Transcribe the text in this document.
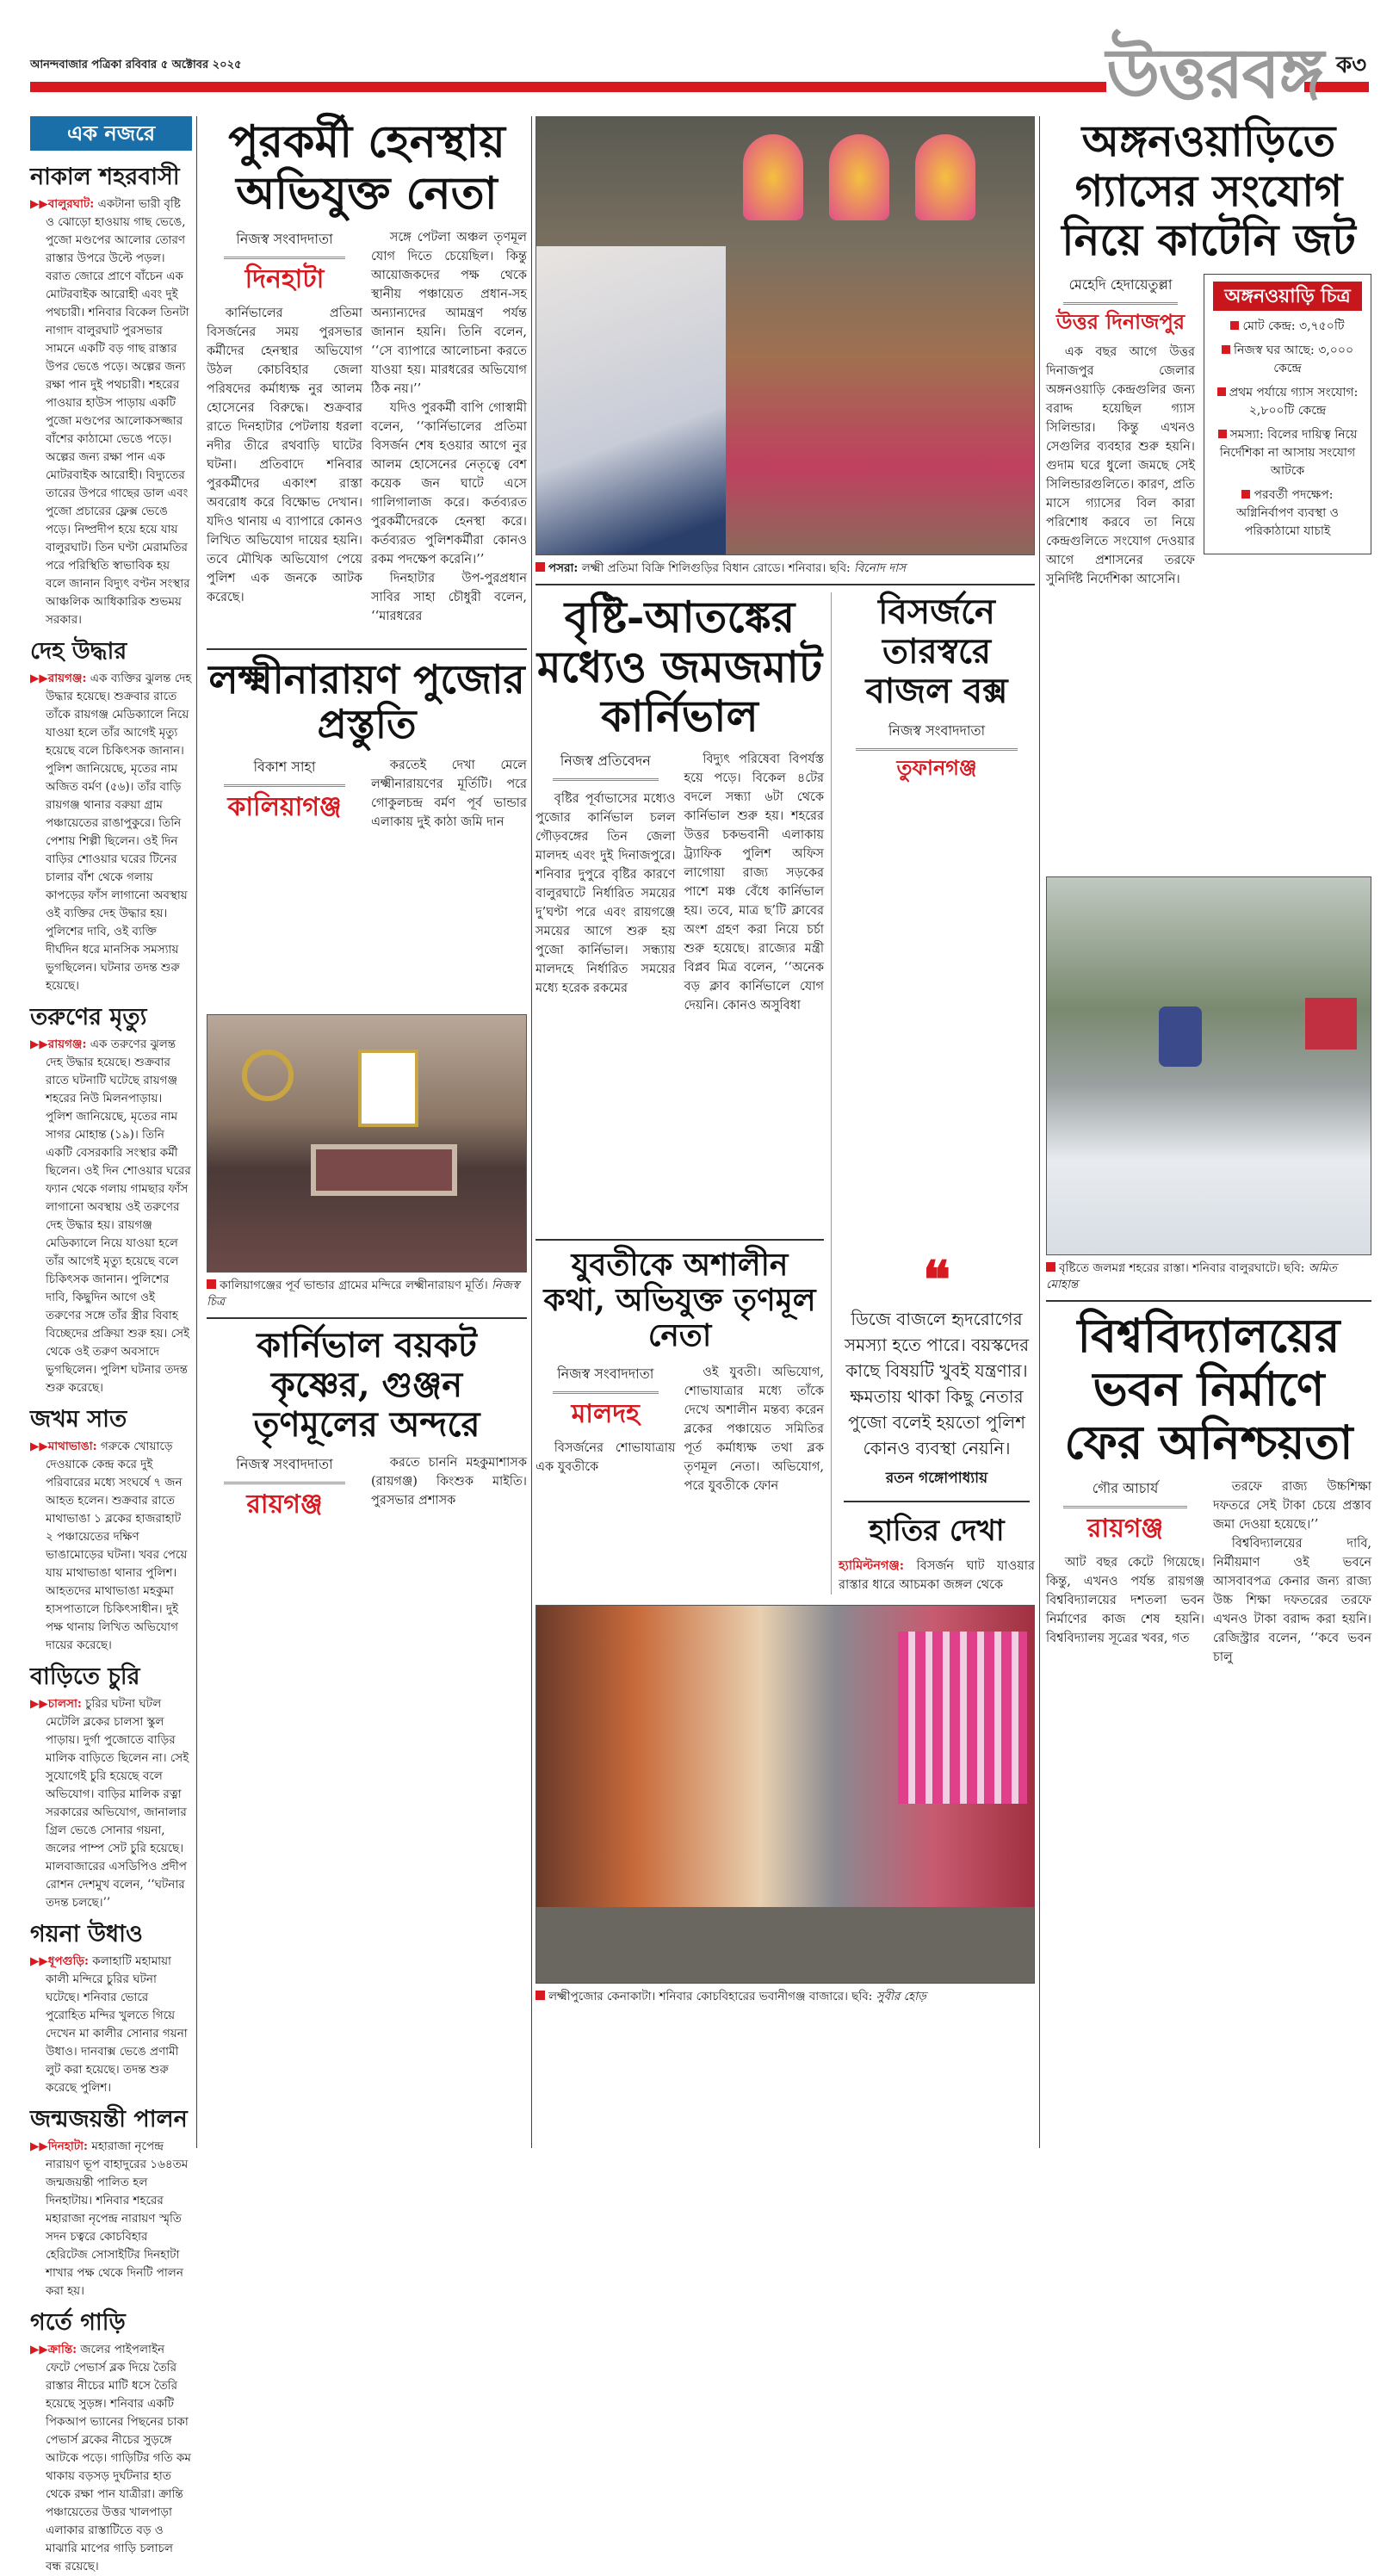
আনন্দবাজার পত্রিকা রবিবার ৫ অক্টোবর ২০২৫	উত্তরবঙ্গ ক৩
এক নজরে
নাকাল শহরবাসী
▶▶বালুরঘাট: একটানা ভারী বৃষ্টি ও ঝোড়ো হাওয়ায় গাছ ভেঙে, পুজো মণ্ডপের আলোর তোরণ রাস্তার উপরে উল্টে পড়ল। বরাত জোরে প্রাণে বাঁচেন এক মোটরবাইক আরোহী এবং দুই পথচারী। শনিবার বিকেল তিনটা নাগাদ বালুরঘাট পুরসভার সামনে একটি বড় গাছ রাস্তার উপর ভেঙে পড়ে। অল্পের জন্য রক্ষা পান দুই পথচারী। শহরের পাওয়ার হাউস পাড়ায় একটি পুজো মণ্ডপের আলোকসজ্জার বাঁশের কাঠামো ভেঙে পড়ে। অল্পের জন্য রক্ষা পান এক মোটরবাইক আরোহী। বিদ্যুতের তারের উপরে গাছের ডাল এবং পুজো প্রচারের ফ্লেক্স ভেঙে পড়ে। নিষ্প্রদীপ হয়ে হয়ে যায় বালুরঘাট। তিন ঘণ্টা মেরামতির পরে পরিস্থিতি স্বাভাবিক হয় বলে জানান বিদ্যুৎ বণ্টন সংস্থার আঞ্চলিক আধিকারিক শুভময় সরকার।
দেহ উদ্ধার
▶▶রায়গঞ্জ: এক ব্যক্তির ঝুলন্ত দেহ উদ্ধার হয়েছে। শুক্রবার রাতে তাঁকে রায়গঞ্জ মেডিক্যালে নিয়ে যাওয়া হলে তাঁর আগেই মৃত্যু হয়েছে বলে চিকিৎসক জানান। পুলিশ জানিয়েছে, মৃতের নাম অজিত বর্মণ (৫৬)। তাঁর বাড়ি রায়গঞ্জ থানার বরুয়া গ্রাম পঞ্চায়েতের রাঙাপুকুরে। তিনি পেশায় শিল্পী ছিলেন। ওই দিন বাড়ির শোওয়ার ঘরের টিনের চালার বাঁশ থেকে গলায় কাপড়ের ফাঁস লাগানো অবস্থায় ওই ব্যক্তির দেহ উদ্ধার হয়। পুলিশের দাবি, ওই ব্যক্তি দীর্ঘদিন ধরে মানসিক সমস্যায় ভুগছিলেন। ঘটনার তদন্ত শুরু হয়েছে।
তরুণের মৃত্যু
▶▶রায়গঞ্জ: এক তরুণের ঝুলন্ত দেহ উদ্ধার হয়েছে। শুক্রবার রাতে ঘটনাটি ঘটেছে রায়গঞ্জ শহরের নিউ মিলনপাড়ায়। পুলিশ জানিয়েছে, মৃতের নাম সাগর মোহান্ত (১৯)। তিনি একটি বেসরকারি সংস্থার কর্মী ছিলেন। ওই দিন শোওয়ার ঘরের ফ্যান থেকে গলায় গামছার ফাঁস লাগানো অবস্থায় ওই তরুণের দেহ উদ্ধার হয়। রায়গঞ্জ মেডিক্যালে নিয়ে যাওয়া হলে তাঁর আগেই মৃত্যু হয়েছে বলে চিকিৎসক জানান। পুলিশের দাবি, কিছুদিন আগে ওই তরুণের সঙ্গে তাঁর স্ত্রীর বিবাহ বিচ্ছেদের প্রক্রিয়া শুরু হয়। সেই থেকে ওই তরুণ অবসাদে ভুগছিলেন। পুলিশ ঘটনার তদন্ত শুরু করেছে।
জখম সাত
▶▶মাথাভাঙা: গরুকে খোয়াড়ে দেওয়াকে কেন্দ্র করে দুই পরিবারের মধ্যে সংঘর্ষে ৭ জন আহত হলেন। শুক্রবার রাতে মাথাভাঙা ১ ব্লকের হাজরাহাট ২ পঞ্চায়েতের দক্ষিণ ভাঙামোড়ের ঘটনা। খবর পেয়ে যায় মাথাভাঙা থানার পুলিশ। আহতদের মাথাভাঙা মহকুমা হাসপাতালে চিকিৎসাধীন। দুই পক্ষ থানায় লিখিত অভিযোগ দায়ের করেছে।
বাড়িতে চুরি
▶▶চালসা: চুরির ঘটনা ঘটল মেটেলি ব্লকের চালসা স্কুল পাড়ায়। দুর্গা পুজোতে বাড়ির মালিক বাড়িতে ছিলেন না। সেই সুযোগেই চুরি হয়েছে বলে অভিযোগ। বাড়ির মালিক রত্না সরকারের অভিযোগ, জানালার গ্রিল ভেঙে সোনার গয়না, জলের পাম্প সেট চুরি হয়েছে। মালবাজারের এসডিপিও প্রদীপ রোশন দেশমুখ বলেন, ‘‘ঘটনার তদন্ত চলছে।’’
গয়না উধাও
▶▶ধূপগুড়ি: কলাহাটি মহামায়া কালী মন্দিরে চুরির ঘটনা ঘটেছে। শনিবার ভোরে পুরোহিত মন্দির খুলতে গিয়ে দেখেন মা কালীর সোনার গয়না উধাও। দানবাক্স ভেঙে প্রণামী লুট করা হয়েছে। তদন্ত শুরু করেছে পুলিশ।
জন্মজয়ন্তী পালন
▶▶দিনহাটা: মহারাজা নৃপেন্দ্র নারায়ণ ভূপ বাহাদুরের ১৬৪তম জন্মজয়ন্তী পালিত হল দিনহাটায়। শনিবার শহরের মহারাজা নৃপেন্দ্র নারায়ণ স্মৃতি সদন চত্বরে কোচবিহার হেরিটেজ সোসাইটির দিনহাটা শাখার পক্ষ থেকে দিনটি পালন করা হয়।
গর্তে গাড়ি
▶▶ক্রান্তি: জলের পাইপলাইন ফেটে পেভার্স ব্লক দিয়ে তৈরি রাস্তার নীচের মাটি ধসে তৈরি হয়েছে সুড়ঙ্গ। শনিবার একটি পিকআপ ভ্যানের পিছনের চাকা পেভার্স ব্লকের নীচের সুড়ঙ্গে আটকে পড়ে। গাড়িটির গতি কম থাকায় বড়সড় দুর্ঘটনার হাত থেকে রক্ষা পান যাত্রীরা। ক্রান্তি পঞ্চায়েতের উত্তর খালপাড়া এলাকার রাস্তাটিতে বড় ও মাঝারি মাপের গাড়ি চলাচল বন্ধ রয়েছে।
পুরকর্মী হেনস্থায় অভিযুক্ত নেতা
নিজস্ব সংবাদদাতা
দিনহাটা

কার্নিভালের প্রতিমা বিসর্জনের সময় পুরসভার কর্মীদের হেনস্থার অভিযোগ উঠল কোচবিহার জেলা পরিষদের কর্মাধ্যক্ষ নুর আলম হোসেনের বিরুদ্ধে। শুক্রবার রাতে দিনহাটার পেটলায় ধরলা নদীর তীরে রথবাড়ি ঘাটের ঘটনা। প্রতিবাদে শনিবার পুরকর্মীদের একাংশ রাস্তা অবরোধ করে বিক্ষোভ দেখান। যদিও থানায় এ ব্যাপারে কোনও লিখিত অভিযোগ দায়ের হয়নি। তবে মৌখিক অভিযোগ পেয়ে পুলিশ এক জনকে আটক করেছে।

সঙ্গে পেটলা অঞ্চল তৃণমূল যোগ দিতে চেয়েছিল। কিন্তু আয়োজকদের পক্ষ থেকে স্থানীয় পঞ্চায়েত প্রধান-সহ অন্যান্যদের আমন্ত্রণ পর্যন্ত জানান হয়নি। তিনি বলেন, ‘‘সে ব্যাপারে আলোচনা করতে যাওয়া হয়। মারধরের অভিযোগ ঠিক নয়।’’

যদিও পুরকর্মী বাপি গোস্বামী বলেন, ‘‘কার্নিভালের প্রতিমা বিসর্জন শেষ হওয়ার আগে নুর আলম হোসেনের নেতৃত্বে বেশ কয়েক জন ঘাটে এসে গালিগালাজ করে। কর্তব্যরত পুরকর্মীদেরকে হেনস্থা করে। কর্তব্যরত পুলিশকর্মীরা কোনও রকম পদক্ষেপ করেনি।’’

দিনহাটার উপ-পুরপ্রধান সাবির সাহা চৌধুরী বলেন, ‘‘মারধরের

লক্ষ্মীনারায়ণ পুজোর প্রস্তুতি
বিকাশ সাহা
কালিয়াগঞ্জ

করতেই দেখা মেলে লক্ষ্মীনারায়ণের মূর্তিটি। পরে গোকুলচন্দ্র বর্মণ পূর্ব ভান্ডার এলাকায় দুই কাঠা জমি দান

কালিয়াগঞ্জের পূর্ব ভান্ডার গ্রামের মন্দিরে লক্ষ্মীনারায়ণ মূর্তি। নিজস্ব চিত্র
কার্নিভাল বয়কট কৃষ্ণের, গুঞ্জন তৃণমূলের অন্দরে
নিজস্ব সংবাদদাতা
রায়গঞ্জ

করতে চাননি মহকুমাশাসক (রায়গঞ্জ) কিংশুক মাইতি। পুরসভার প্রশাসক

পসরা: লক্ষ্মী প্রতিমা বিক্রি শিলিগুড়ির বিধান রোডে। শনিবার। ছবি: বিনোদ দাস
বৃষ্টি-আতঙ্কের মধ্যেও জমজমাট কার্নিভাল
নিজস্ব প্রতিবেদন

বৃষ্টির পূর্বাভাসের মধ্যেও পুজোর কার্নিভাল চলল গৌড়বঙ্গের তিন জেলা মালদহ এবং দুই দিনাজপুরে। শনিবার দুপুরে বৃষ্টির কারণে বালুরঘাটে নির্ধারিত সময়ের দু’ঘণ্টা পরে এবং রায়গঞ্জে সময়ের আগে শুরু হয় পুজো কার্নিভাল। সন্ধ্যায় মালদহে নির্ধারিত সময়ের মধ্যে হরেক রকমের

বিদ্যুৎ পরিষেবা বিপর্যস্ত হয়ে পড়ে। বিকেল ৪টের বদলে সন্ধ্যা ৬টা থেকে কার্নিভাল শুরু হয়। শহরের উত্তর চকভবানী এলাকায় ট্র্যাফিক পুলিশ অফিস লাগোয়া রাজ্য সড়কের পাশে মঞ্চ বেঁধে কার্নিভাল হয়। তবে, মাত্র ছ’টি ক্লাবের অংশ গ্রহণ করা নিয়ে চর্চা শুরু হয়েছে। রাজ্যের মন্ত্রী বিপ্লব মিত্র বলেন, ‘‘অনেক বড় ক্লাব কার্নিভালে যোগ দেয়নি। কোনও অসুবিধা

যুবতীকে অশালীন কথা, অভিযুক্ত তৃণমূল নেতা
নিজস্ব সংবাদদাতা
মালদহ

বিসর্জনের শোভাযাত্রায় এক যুবতীকে

ওই যুবতী। অভিযোগ, শোভাযাত্রার মধ্যে তাঁকে দেখে অশালীন মন্তব্য করেন ব্লকের পঞ্চায়েত সমিতির পূর্ত কর্মাধ্যক্ষ তথা ব্লক তৃণমূল নেতা। অভিযোগ, পরে যুবতীকে ফোন

বিসর্জনে তারস্বরে বাজল বক্স
নিজস্ব সংবাদদাতা
তুফানগঞ্জ
❝
ডিজে বাজলে হৃদরোগের সমস্যা হতে পারে। বয়স্কদের কাছে বিষয়টি খুবই যন্ত্রণার। ক্ষমতায় থাকা কিছু নেতার পুজো বলেই হয়তো পুলিশ কোনও ব্যবস্থা নেয়নি।
রতন গঙ্গোপাধ্যায়
হাতির দেখা
হ্যামিল্টনগঞ্জ: বিসর্জন ঘাট যাওয়ার রাস্তার ধারে আচমকা জঙ্গল থেকে
লক্ষ্মীপুজোর কেনাকাটা। শনিবার কোচবিহারের ভবানীগঞ্জ বাজারে। ছবি: সুবীর হোড়
অঙ্গনওয়াড়িতে গ্যাসের সংযোগ নিয়ে কাটেনি জট
মেহেদি হেদায়েতুল্লা
উত্তর দিনাজপুর

এক বছর আগে উত্তর দিনাজপুর জেলার অঙ্গনওয়াড়ি কেন্দ্রগুলির জন্য বরাদ্দ হয়েছিল গ্যাস সিলিন্ডার। কিন্তু এখনও সেগুলির ব্যবহার শুরু হয়নি। গুদাম ঘরে ধুলো জমছে সেই সিলিন্ডারগুলিতে। কারণ, প্রতি মাসে গ্যাসের বিল কারা পরিশোধ করবে তা নিয়ে কেন্দ্রগুলিতে সংযোগ দেওয়ার আগে প্রশাসনের তরফে সুনির্দিষ্ট নির্দেশিকা আসেনি।

অঙ্গনওয়াড়ি চিত্র
মোট কেন্দ্র: ৩,৭৫০টি
নিজস্ব ঘর আছে: ৩,০০০ কেন্দ্রে
প্রথম পর্যায়ে গ্যাস সংযোগ: ২,৮০০টি কেন্দ্রে
সমস্যা: বিলের দায়িত্ব নিয়ে নির্দেশিকা না আসায় সংযোগ আটকে
পরবর্তী পদক্ষেপ: অগ্নিনির্বাপণ ব্যবস্থা ও পরিকাঠামো যাচাই
বৃষ্টিতে জলমগ্ন শহরের রাস্তা। শনিবার বালুরঘাটে। ছবি: অমিত মোহান্ত
বিশ্ববিদ্যালয়ের ভবন নির্মাণে ফের অনিশ্চয়তা
গৌর আচার্য
রায়গঞ্জ

আট বছর কেটে গিয়েছে। কিন্তু, এখনও পর্যন্ত রায়গঞ্জ বিশ্ববিদ্যালয়ের দশতলা ভবন নির্মাণের কাজ শেষ হয়নি। বিশ্ববিদ্যালয় সূত্রের খবর, গত

তরফে রাজ্য উচ্চশিক্ষা দফতরে সেই টাকা চেয়ে প্রস্তাব জমা দেওয়া হয়েছে।’’

বিশ্ববিদ্যালয়ের দাবি, নির্মীয়মাণ ওই ভবনে আসবাবপত্র কেনার জন্য রাজ্য উচ্চ শিক্ষা দফতরের তরফে এখনও টাকা বরাদ্দ করা হয়নি। রেজিস্ট্রার বলেন, ‘‘কবে ভবন চালু
